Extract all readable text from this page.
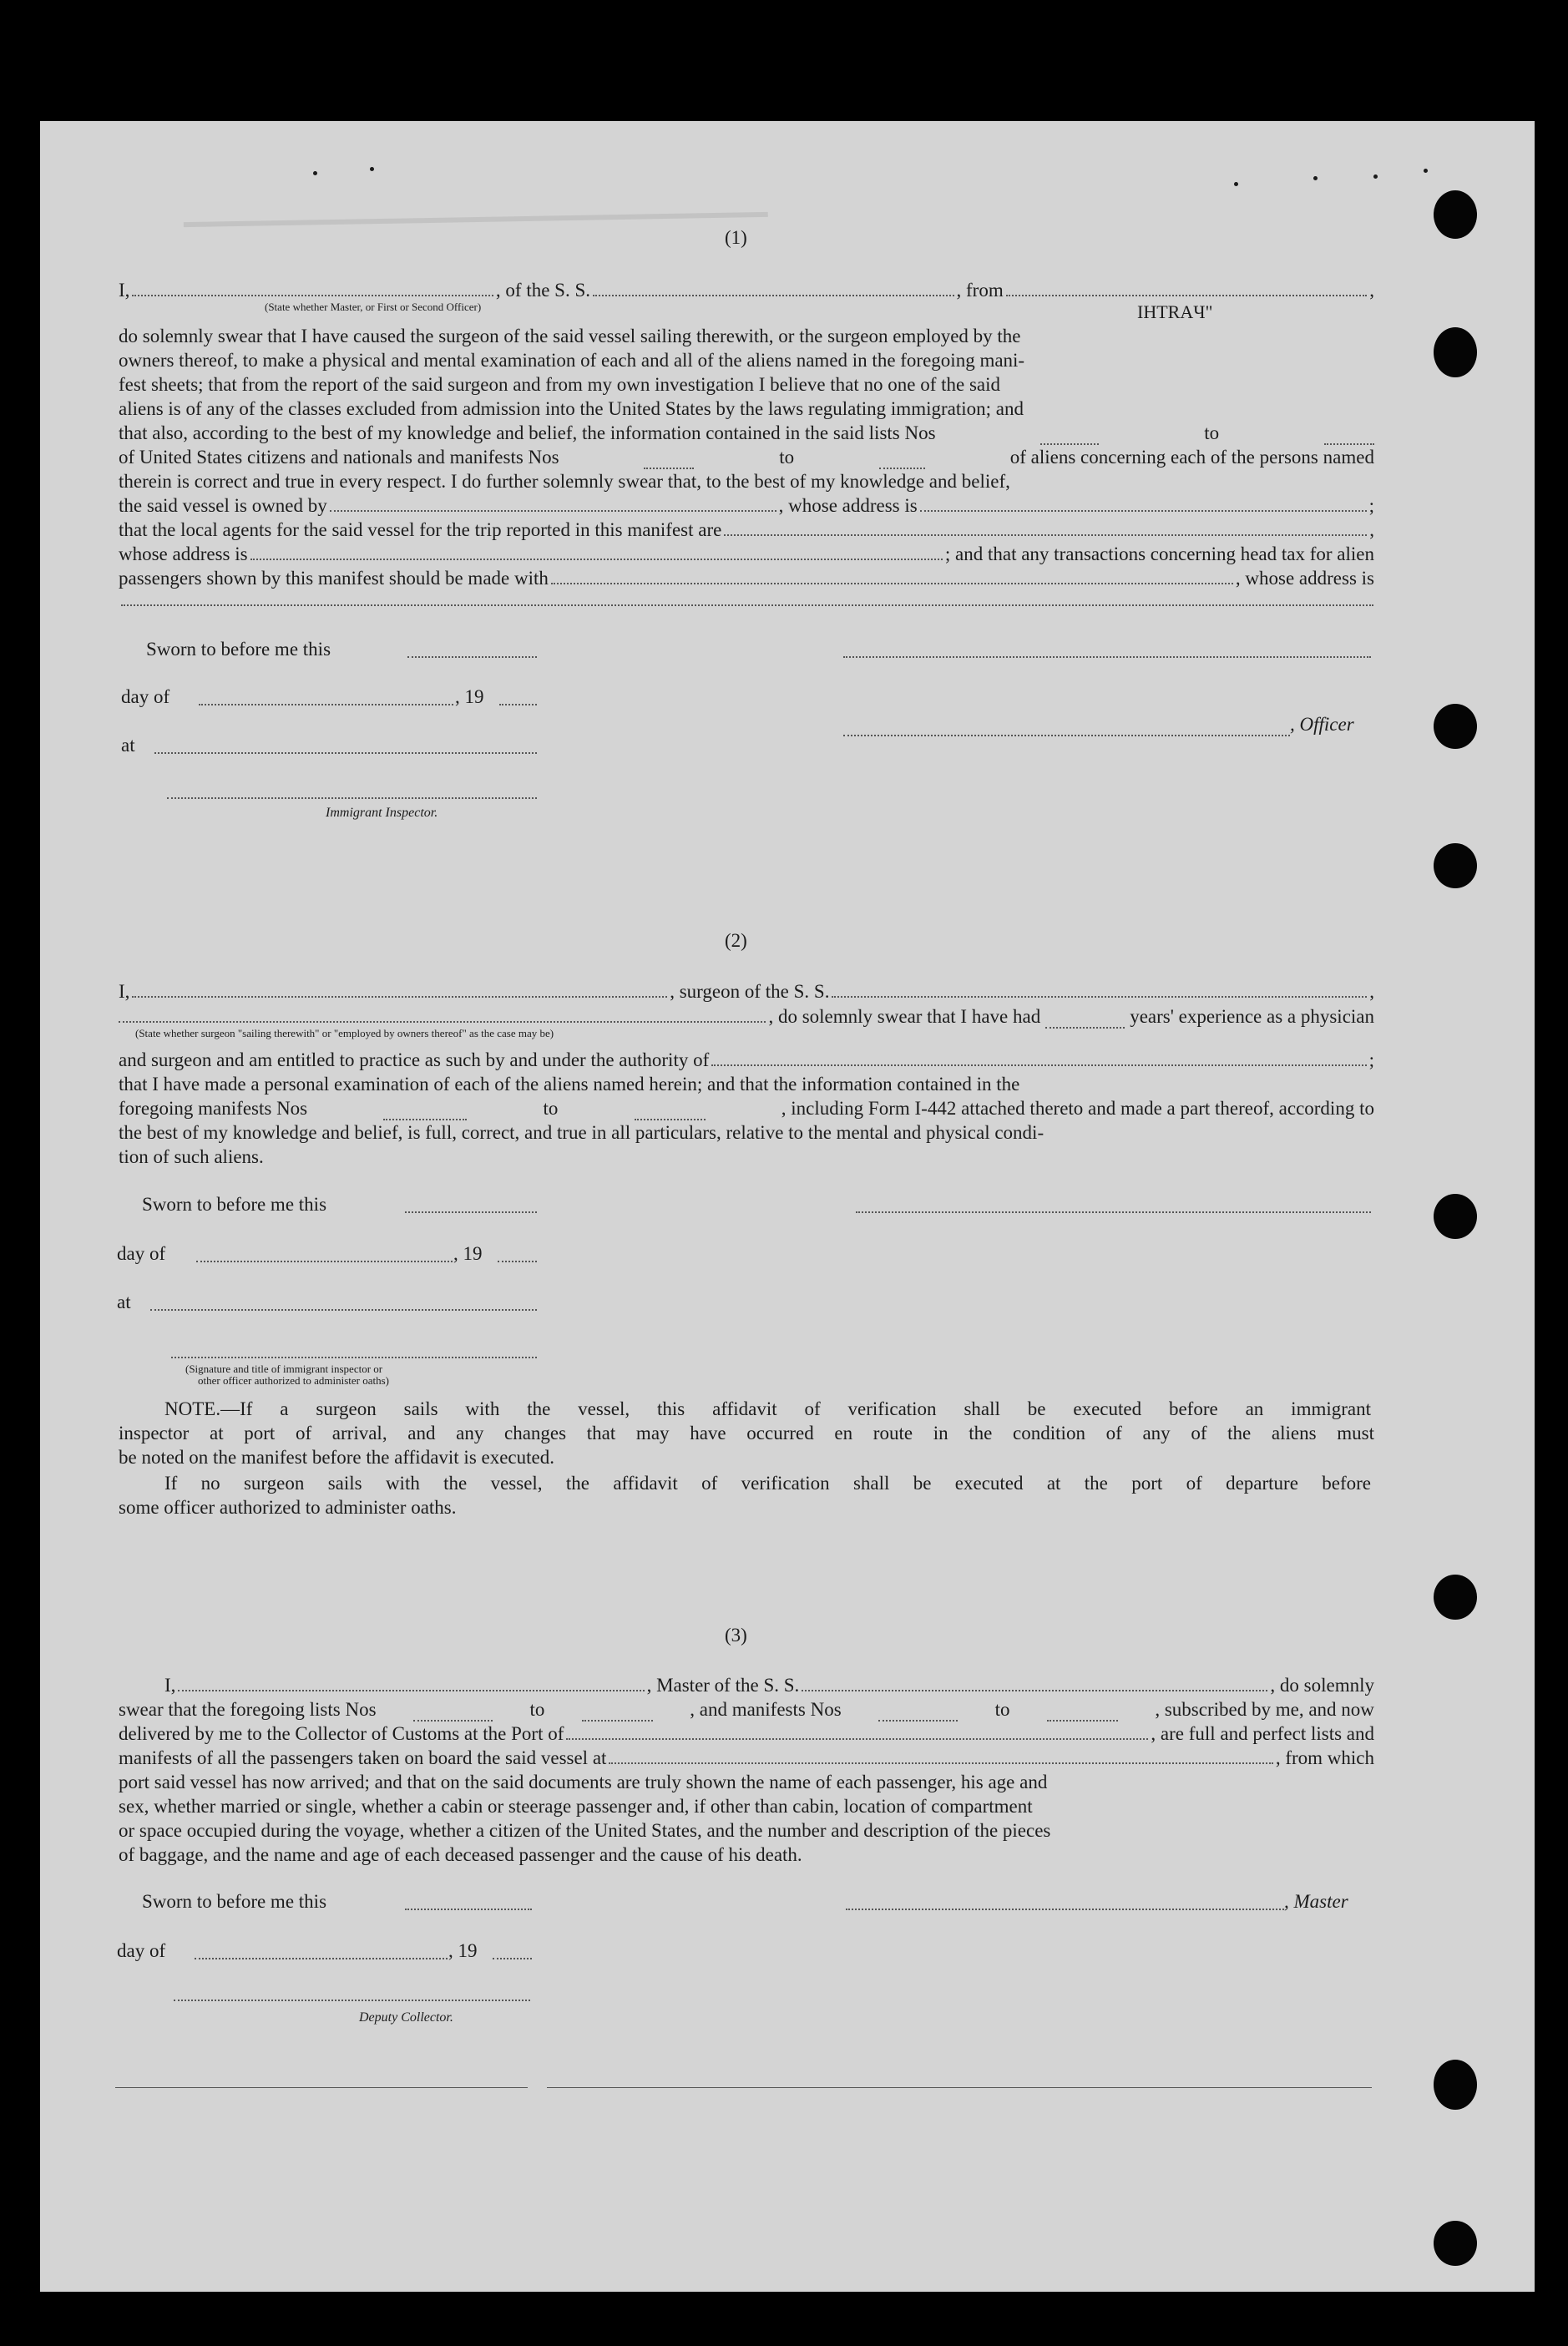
(1)
I,	, of the S. S.	, from	,
(State whether Master, or First or Second Officer)	IHTRAЧ"
do solemnly swear that I have caused the surgeon of the said vessel sailing therewith, or the surgeon employed by the
owners thereof, to make a physical and mental examination of each and all of the aliens named in the foregoing mani-
fest sheets; that from the report of the said surgeon and from my own investigation I believe that no one of the said
aliens is of any of the classes excluded from admission into the United States by the laws regulating immigration; and
that also, according to the best of my knowledge and belief, the information contained in the said lists Nos	to
of United States citizens and nationals and manifests Nos	to	of aliens concerning each of the persons named
therein is correct and true in every respect. I do further solemnly swear that, to the best of my knowledge and belief,
the said vessel is owned by	, whose address is	;
that the local agents for the said vessel for the trip reported in this manifest are	,
whose address is	; and that any transactions concerning head tax for alien
passengers shown by this manifest should be made with	, whose address is
Sworn to before me this
day of	, 19
at
, Officer
Immigrant Inspector.
(2)
I,	, surgeon of the S. S.	,
, do solemnly swear that I have had	years' experience as a physician
(State whether surgeon "sailing therewith" or "employed by owners thereof" as the case may be)
and surgeon and am entitled to practice as such by and under the authority of	;
that I have made a personal examination of each of the aliens named herein; and that the information contained in the
foregoing manifests Nos	to	, including Form I-442 attached thereto and made a part thereof, according to
the best of my knowledge and belief, is full, correct, and true in all particulars, relative to the mental and physical condi-
tion of such aliens.
Sworn to before me this
day of	, 19
at
(Signature and title of immigrant inspector or
other officer authorized to administer oaths)
NOTE.—If a surgeon sails with the vessel, this affidavit of verification shall be executed before an immigrant
inspector at port of arrival, and any changes that may have occurred en route in the condition of any of the aliens must
be noted on the manifest before the affidavit is executed.
If no surgeon sails with the vessel, the affidavit of verification shall be executed at the port of departure before
some officer authorized to administer oaths.
(3)
I,	, Master of the S. S.	, do solemnly
swear that the foregoing lists Nos	to	, and manifests Nos	to	, subscribed by me, and now
delivered by me to the Collector of Customs at the Port of	, are full and perfect lists and
manifests of all the passengers taken on board the said vessel at	, from which
port said vessel has now arrived; and that on the said documents are truly shown the name of each passenger, his age and
sex, whether married or single, whether a cabin or steerage passenger and, if other than cabin, location of compartment
or space occupied during the voyage, whether a citizen of the United States, and the number and description of the pieces
of baggage, and the name and age of each deceased passenger and the cause of his death.
Sworn to before me this	, Master
day of	, 19
Deputy Collector.
